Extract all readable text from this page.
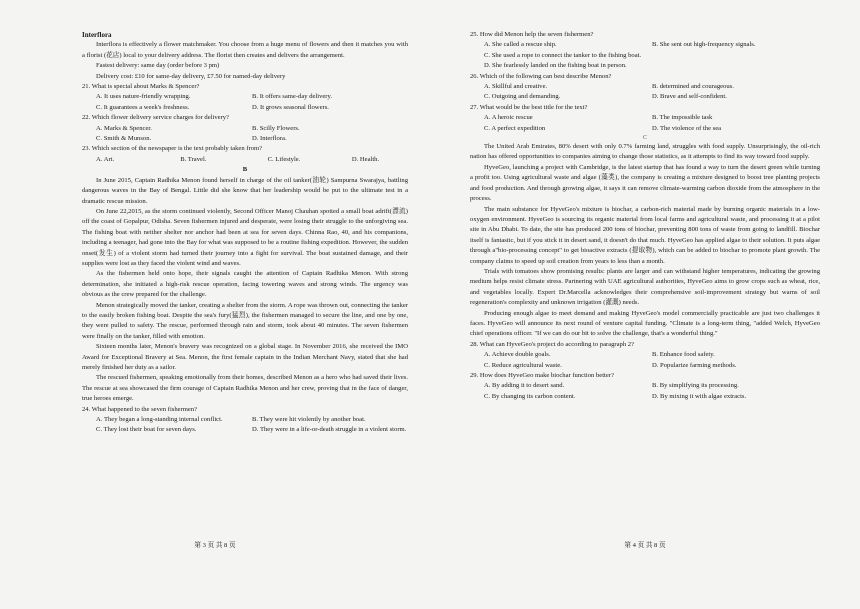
Interflora

Interflora is effectively a flower matchmaker. You choose from a huge menu of flowers and then it matches you with a florist (花店) local to your delivery address. The florist then creates and delivers the arrangement.

Fastest delivery: same day (order before 3 pm)

Delivery cost: £10 for same-day delivery, £7.50 for named-day delivery

21. What is special about Marks & Spencer?

A. It uses nature-friendly wrapping.	B. It offers same-day delivery.
C. It guarantees a week's freshness.	D. It grows seasonal flowers.

22. Which flower delivery service charges for delivery?

A. Marks & Spencer.	B. Scilly Flowers.
C. Smith & Munson.	D. Interflora.

23. Which section of the newspaper is the text probably taken from?

A. Art.	B. Travel.	C. Lifestyle.	D. Health.

B

In June 2015, Captain Radhika Menon found herself in charge of the oil tanker(油轮) Sampurna Swarajya, battling dangerous waves in the Bay of Bengal. Little did she know that her leadership would be put to the ultimate test in a dramatic rescue mission.

On June 22,2015, as the storm continued violently, Second Officer Manoj Chauhan spotted a small boat adrift(漂流) off the coast of Gopalpur, Odisha. Seven fishermen injured and desperate, were losing their struggle to the unforgiving sea. The fishing boat with neither shelter nor anchor had been at sea for seven days. Chinna Rao, 40, and his companions, including a teenager, had gone into the Bay for what was supposed to be a routine fishing expedition. However, the sudden onset(发生) of a violent storm had turned their journey into a fight for survival. The boat sustained damage, and their supplies were lost as they faced the violent wind and waves.

As the fishermen held onto hope, their signals caught the attention of Captain Radhika Menon. With strong determination, she initiated a high-risk rescue operation, facing towering waves and strong winds. The urgency was obvious as the crew prepared for the challenge.

Menon strategically moved the tanker, creating a shelter from the storm. A rope was thrown out, connecting the tanker to the easily broken fishing boat. Despite the sea's fury(猛烈), the fishermen managed to secure the line, and one by one, they were pulled to safety. The rescue, performed through rain and storm, took about 40 minutes. The seven fishermen were finally on the tanker, filled with emotion.

Sixteen months later, Menon's bravery was recognized on a global stage. In November 2016, she received the IMO Award for Exceptional Bravery at Sea. Menon, the first female captain in the Indian Merchant Navy, stated that she had merely finished her duty as a sailor.

The rescued fishermen, speaking emotionally from their homes, described Menon as a hero who had saved their lives. The rescue at sea showcased the firm courage of Captain Radhika Menon and her crew, proving that in the face of danger, true heroes emerge.

24. What happened to the seven fishermen?

A. They began a long-standing internal conflict.	B. They were hit violently by another boat.
C. They lost their boat for seven days.	D. They were in a life-or-death struggle in a violent storm.
第 3 页 共 8 页

25. How did Menon help the seven fishermen?

A. She called a rescue ship.	B. She sent out high-frequency signals.
C. She used a rope to connect the tanker to the fishing boat.
D. She fearlessly landed on the fishing boat in person.

26. Which of the following can best describe Menon?

A. Skillful and creative.	B. determined and courageous.
C. Outgoing and demanding.	D. Brave and self-confident.

27. What would be the best title for the text?

A. A heroic rescue	B. The impossible task
C. A perfect expedition	D. The violence of the sea

C

The United Arab Emirates, 80% desert with only 0.7% farming land, struggles with food supply. Unsurprisingly, the oil-rich nation has offered opportunities to companies aiming to change those statistics, as it attempts to find its way toward food supply.

HyveGeo, launching a project with Cambridge, is the latest startup that has found a way to turn the desert green while turning a profit too. Using agricultural waste and algae (藻类), the company is creating a mixture designed to boost tree planting projects and food production. And through growing algae, it says it can remove climate-warming carbon dioxide from the atmosphere in the process.

The main substance for HyveGeo's mixture is biochar, a carbon-rich material made by burning organic materials in a low-oxygen environment. HyveGeo is sourcing its organic material from local farms and agricultural waste, and processing it at a pilot site in Abu Dhabi. To date, the site has produced 200 tons of biochar, preventing 800 tons of waste from going to landfill. Biochar itself is fantastic, but if you stick it in desert sand, it doesn't do that much. HyveGeo has applied algae to their solution. It puts algae through a"bio-processing concept" to get bioactive extracts (提取物), which can be added to biochar to promote plant growth. The company claims to speed up soil creation from years to less than a month.

Trials with tomatoes show promising results: plants are larger and can withstand higher temperatures, indicating the growing medium helps resist climate stress. Partnering with UAE agricultural authorities, HyveGeo aims to grow crops such as wheat, rice, and vegetables locally. Expert Dr.Marcella acknowledges their comprehensive soil-improvement strategy but warns of soil regeneration's complexity and unknown irrigation (灌溉) needs.

Producing enough algae to meet demand and making HyveGeo's model commercially practicable are just two challenges it faces. HyveGeo will announce its next round of venture capital funding. "Climate is a long-term thing, "added Welch, HyveGeo chief operations officer. "If we can do our bit to solve the challenge, that's a wonderful thing."

28. What can HyveGeo's project do according to paragraph 2?

A. Achieve double goals.	B. Enhance food safety.
C. Reduce agricultural waste.	D. Popularize farming methods.

29. How does HyveGeo make biochar function better?

A. By adding it to desert sand.	B. By simplifying its processing.
C. By changing its carbon content.	D. By mixing it with algae extracts.
第 4 页 共 8 页
